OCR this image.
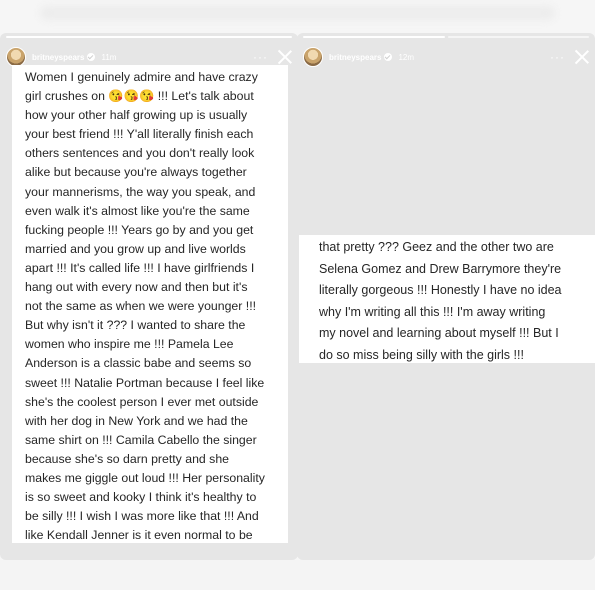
britneyspears 11m	···

Women I genuinely admire and have crazy
girl crushes on 😘😘😘 !!! Let's talk about
how your other half growing up is usually
your best friend !!! Y'all literally finish each
others sentences and you don't really look
alike but because you're always together
your mannerisms, the way you speak, and
even walk it's almost like you're the same
fucking people !!! Years go by and you get
married and you grow up and live worlds
apart !!! It's called life !!! I have girlfriends I
hang out with every now and then but it's
not the same as when we were younger !!!
But why isn't it ??? I wanted to share the
women who inspire me !!! Pamela Lee
Anderson is a classic babe and seems so
sweet !!! Natalie Portman because I feel like
she's the coolest person I ever met outside
with her dog in New York and we had the
same shirt on !!! Camila Cabello the singer
because she's so darn pretty and she
makes me giggle out loud !!! Her personality
is so sweet and kooky I think it's healthy to
be silly !!! I wish I was more like that !!! And
like Kendall Jenner is it even normal to be

britneyspears 12m	···

that pretty ??? Geez and the other two are
Selena Gomez and Drew Barrymore they're
literally gorgeous !!! Honestly I have no idea
why I'm writing all this !!! I'm away writing
my novel and learning about myself !!! But I
do so miss being silly with the girls !!!
